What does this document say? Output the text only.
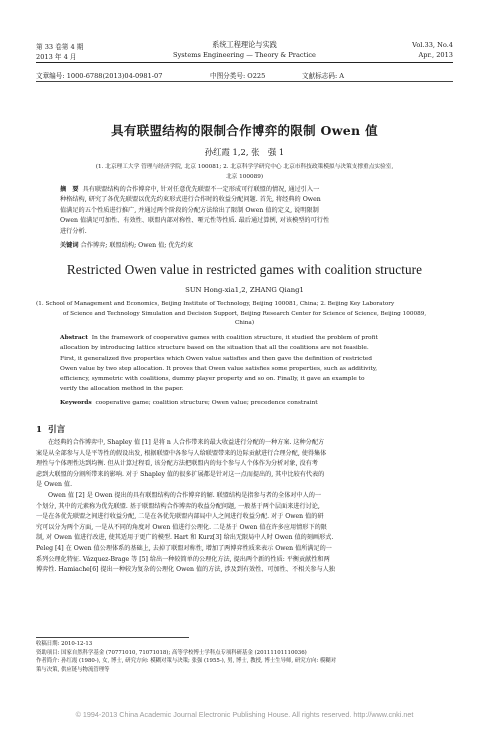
第 33 卷第 4 期
2013 年 4 月
系统工程理论与实践
Systems Engineering — Theory & Practice
Vol.33, No.4
Apr., 2013
文章编号: 1000-6788(2013)04-0981-07	中图分类号: O225	文献标志码: A
具有联盟结构的限制合作博弈的限制 Owen 值
孙红霞 1,2, 张　强 1
(1. 北京理工大学 管理与经济学院, 北京 100081; 2. 北京科学学研究中心 北京市科技政策模拟与决策支撑重点实验室,
北京 100089)
摘　要 具有联盟结构的合作博弈中, 针对任意优先联盟不一定形成可行联盟的情况, 通过引入一
种格结构, 研究了各优先联盟以优先约束形式进行合作时的收益分配问题. 首先, 将经典的 Owen
值满足的五个性质进行推广, 并通过两个阶段的分配方法给出了限制 Owen 值的定义, 说明限制
Owen 值满足可加性、有效性、联盟内部对称性、哑元性等性质. 最后通过算例, 对该模型的可行性
进行分析.
关键词 合作博弈; 联盟结构; Owen 值; 优先约束
Restricted Owen value in restricted games with coalition structure
SUN Hong-xia1,2, ZHANG Qiang1
(1. School of Management and Economics, Beijing Institute of Technology, Beijing 100081, China; 2. Beijing Key Laboratory
of Science and Technology Simulation and Decision Support, Beijing Research Center for Science of Science, Beijing 100089,
China)
Abstract In the framework of cooperative games with coalition structure, it studied the problem of profit
allocation by introducing lattice structure based on the situation that all the coalitions are not feasible.
First, it generalized five properties which Owen value satisfies and then gave the definition of restricted
Owen value by two step allocation. It proves that Owen value satisfies some properties, such as additivity,
efficiency, symmetric with coalitions, dummy player property and so on. Finally, it gave an example to
verify the allocation method in the paper.
Keywords cooperative game; coalition structure; Owen value; precedence constraint
1 引言
在经典的合作博弈中, Shapley 值 [1] 是将 n 人合作带来的最大收益进行分配的一种方案. 这种分配方
案是从全部参与人是平等性的假设出发, 根据联盟中各参与人给联盟带来的边际贡献进行合理分配, 使得集体
理性与个体理性达到均衡. 但从计算过程看, 该分配方法把联盟内的每个参与人个体作为分析对象, 没有考
虑到大联盟的分割所带来的影响. 对于 Shapley 值的很多扩展都是针对这一点而提出的, 其中比较有代表的
是 Owen 值.
Owen 值 [2] 是 Owen 提出的具有联盟结构的合作博弈的解. 联盟结构是指参与者的全体对中人的一
个划分, 其中的元素称为优先联盟. 基于联盟结构合作博弈的收益分配问题, 一般基于两个层面来进行讨论,
一是在各优先联盟之间进行收益分配, 二是在各优先联盟内部局中人之间进行收益分配. 对于 Owen 值的研
究可以分为两个方面, 一是从不同的角度对 Owen 值进行公理化. 二是基于 Owen 值在许多应用情形下的限
制, 对 Owen 值进行改进, 使其适用于更广的模型. Hart 和 Kurz[3] 给出无限局中人时 Owen 值的刻画形式.
Peleg [4] 在 Owen 值公理体系的基础上, 去掉了联盟对称性, 增加了两博弈性质来表示 Owen 值所满足的一
系列公理化特征. Vázquez-Brage 等 [5] 给出一种较简单的公理化方法, 提出两个新的性质: 平衡贡献性和两
博弈性. Hamiache[6] 提出一种较为复杂的公理化 Owen 值的方法, 涉及到有效性、可加性、不相关参与人独
收稿日期: 2010-12-13
资助项目: 国家自然科学基金 (70771010, 71071018); 高等学校博士学科点专项科研基金 (20111101110036)
作者简介: 孙红霞 (1980-), 女, 博士, 研究方向: 模糊对策与决策; 张强 (1955-), 男, 博士, 教授, 博士生导师, 研究方向: 模糊对
策与决策, 供应链与物流管理等
© 1994-2013 China Academic Journal Electronic Publishing House. All rights reserved. http://www.cnki.net
